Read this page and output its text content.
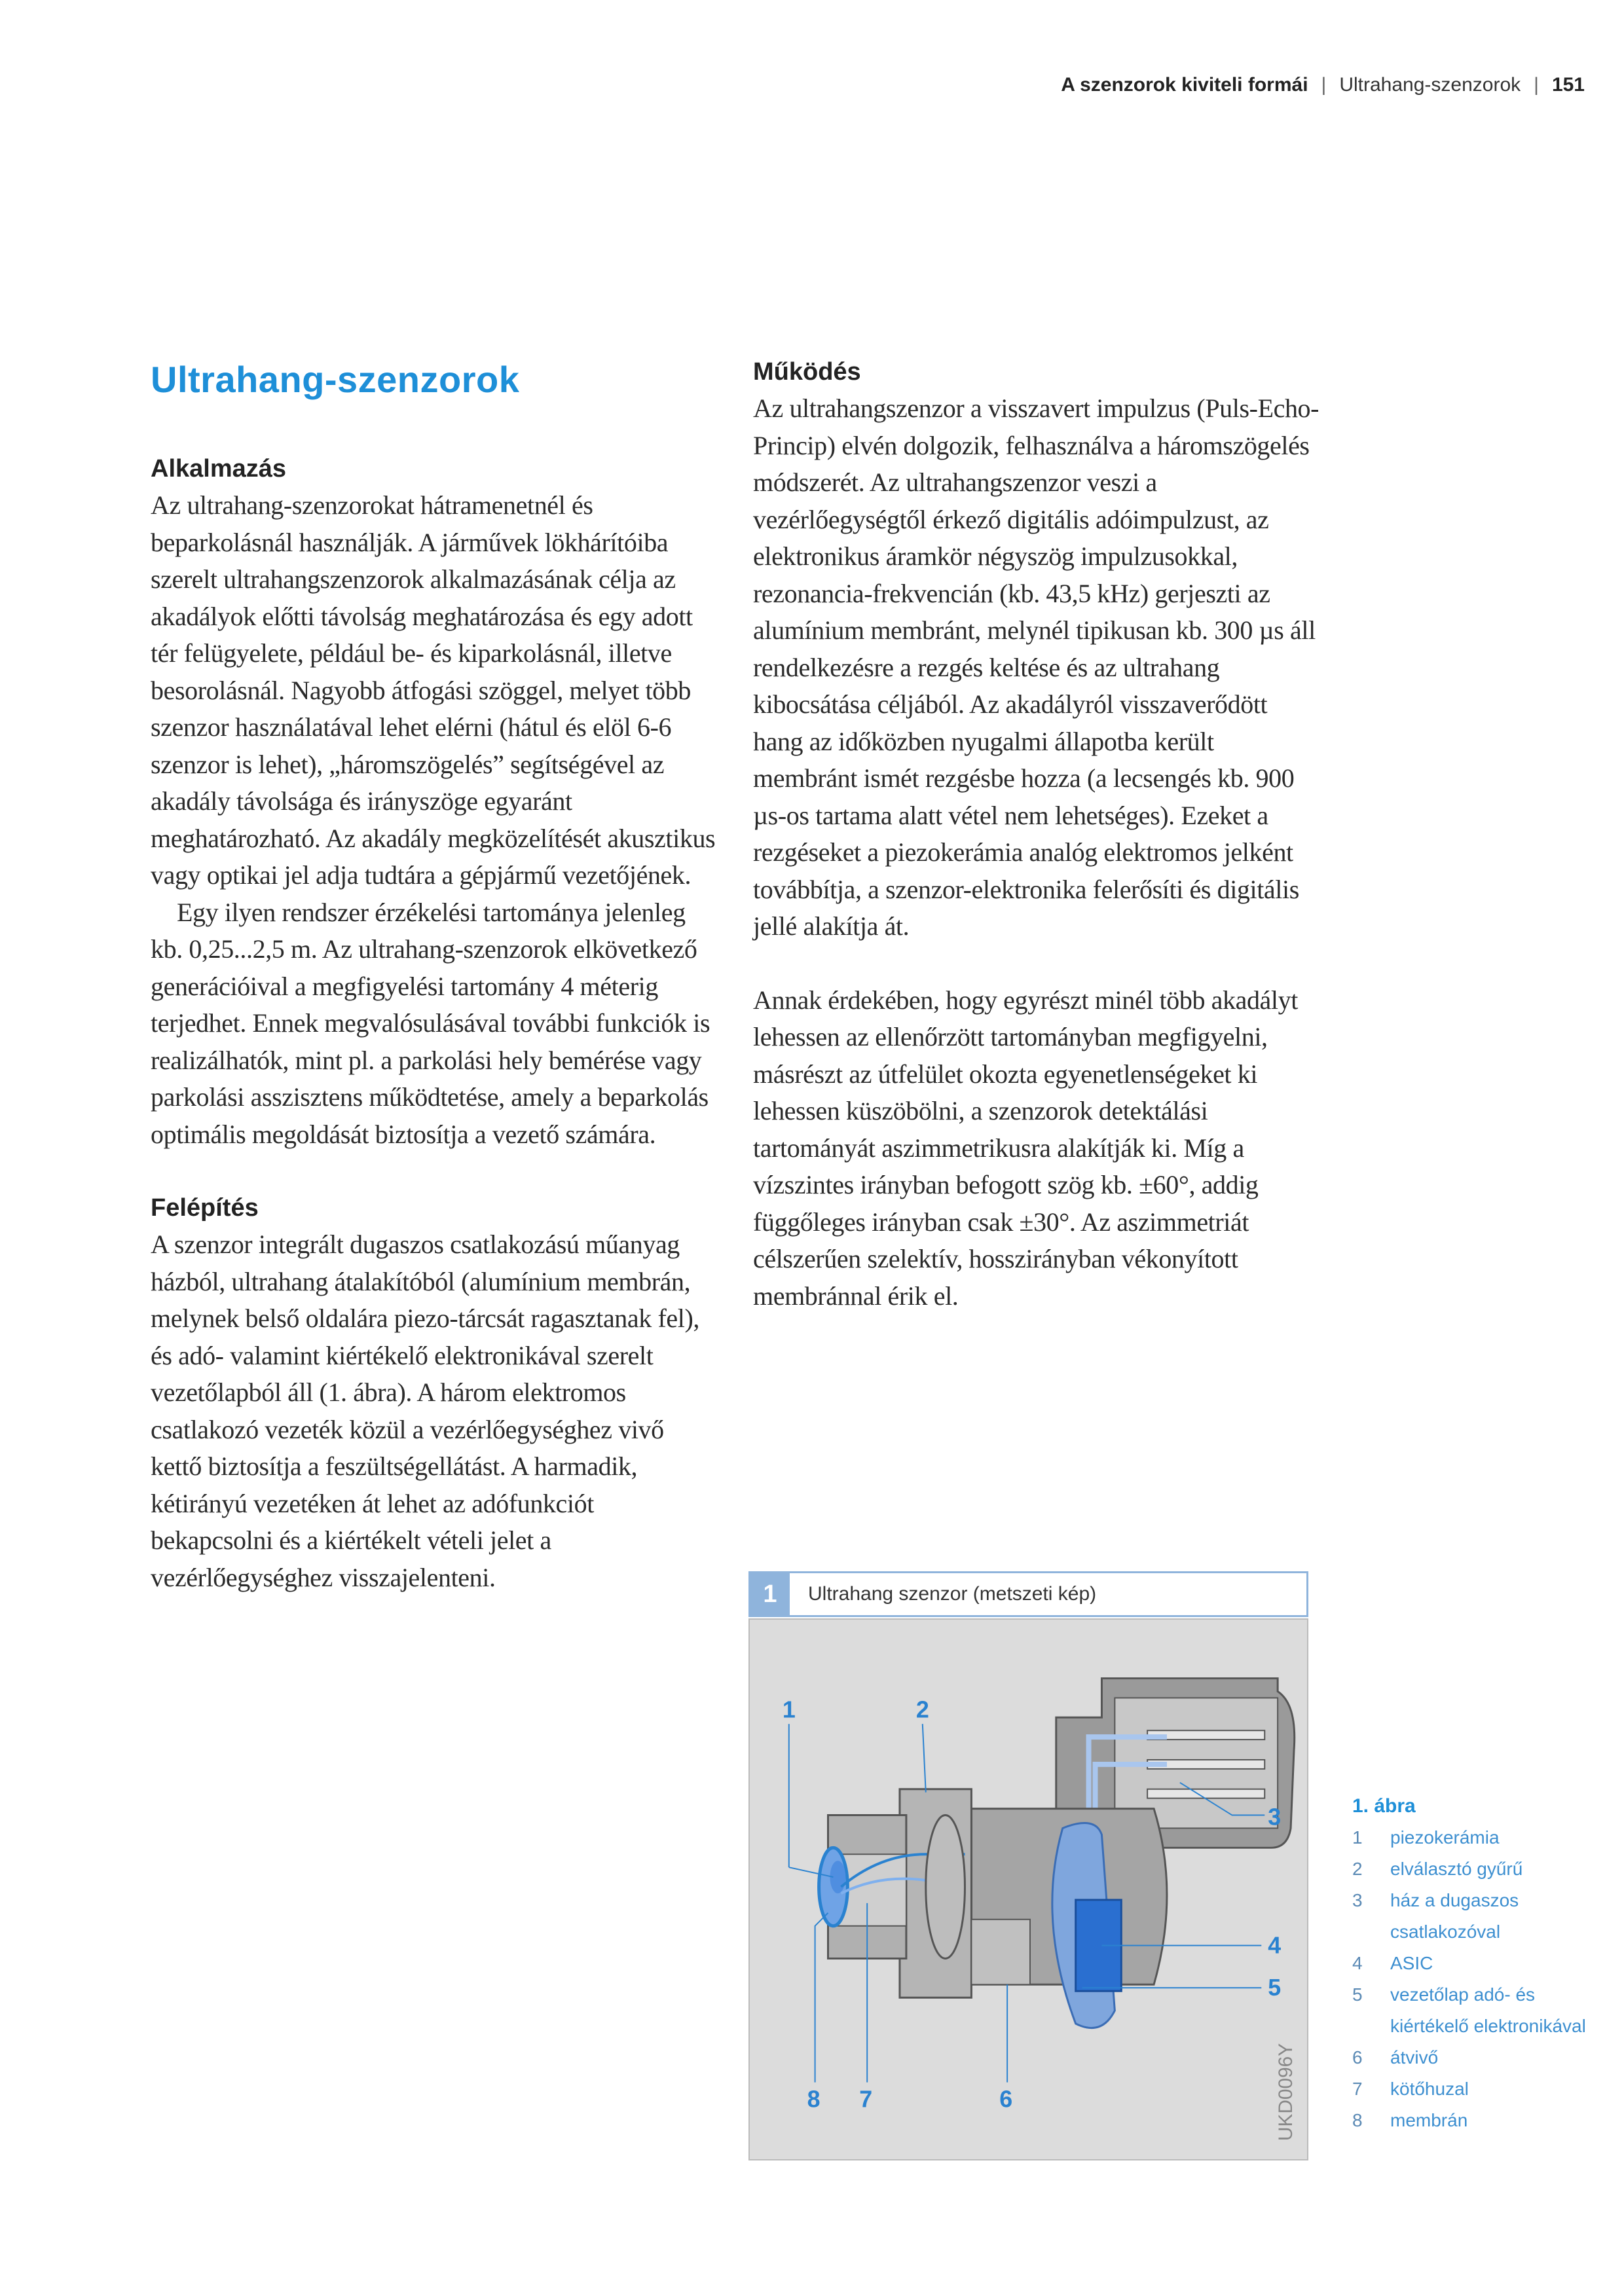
A szenzorok kiviteli formái | Ultrahang-szenzorok | 151
Ultrahang-szenzorok
Alkalmazás

Az ultrahang-szenzorokat hátramenetnél és beparkolásnál használják. A járművek lökhárítóiba szerelt ultrahangszenzorok alkalmazásának célja az akadályok előtti távolság meghatározása és egy adott tér felügyelete, például be- és kiparkolásnál, illetve besorolásnál. Nagyobb átfogási szöggel, melyet több szenzor használatával lehet elérni (hátul és elöl 6-6 szenzor is lehet), „háromszögelés” segítségével az akadály távolsága és irányszöge egyaránt meghatározható. Az akadály megközelítését akusztikus vagy optikai jel adja tudtára a gépjármű vezetőjének.

Egy ilyen rendszer érzékelési tartománya jelenleg kb. 0,25...2,5 m. Az ultrahang-szenzorok elkövetkező generációival a megfigyelési tartomány 4 méterig terjedhet. Ennek megvalósulásával további funkciók is realizálhatók, mint pl. a parkolási hely bemérése vagy parkolási asszisztens működtetése, amely a beparkolás optimális megoldását biztosítja a vezető számára.

Felépítés

A szenzor integrált dugaszos csatlakozású műanyag házból, ultrahang átalakítóból (alumínium membrán, melynek belső oldalára piezo-tárcsát ragasztanak fel), és adó- valamint kiértékelő elektronikával szerelt vezetőlapból áll (1. ábra). A három elektromos csatlakozó vezeték közül a vezérlőegységhez vivő kettő biztosítja a feszültségellátást. A harmadik, kétirányú vezetéken át lehet az adófunkciót bekapcsolni és a kiértékelt vételi jelet a vezérlőegységhez visszajelenteni.

Működés

Az ultrahangszenzor a visszavert impulzus (Puls-Echo-Princip) elvén dolgozik, felhasználva a háromszögelés módszerét. Az ultrahangszenzor veszi a vezérlőegységtől érkező digitális adóimpulzust, az elektronikus áramkör négyszög impulzusokkal, rezonancia-frekvencián (kb. 43,5 kHz) gerjeszti az alumínium membránt, melynél tipikusan kb. 300 µs áll rendelkezésre a rezgés keltése és az ultrahang kibocsátása céljából. Az akadályról visszaverődött hang az időközben nyugalmi állapotba került membránt ismét rezgésbe hozza (a lecsengés kb. 900 µs-os tartama alatt vétel nem lehetséges). Ezeket a rezgéseket a piezokerámia analóg elektromos jelként továbbítja, a szenzor-elektronika felerősíti és digitális jellé alakítja át.

Annak érdekében, hogy egyrészt minél több akadályt lehessen az ellenőrzött tartományban megfigyelni, másrészt az útfelület okozta egyenetlenségeket ki lehessen küszöbölni, a szenzorok detektálási tartományát aszimmetrikusra alakítják ki. Míg a vízszintes irányban befogott szög kb. ±60°, addig függőleges irányban csak ±30°. Az aszimmetriát célszerűen szelektív, hosszirányban vékonyított membránnal érik el.

1	Ultrahang szenzor (metszeti kép)
1	2
3
4
5
6
7
8	UKD0096Y
1. ábra
1	piezokerámia
2	elválasztó gyűrű
3	ház a dugaszos csatlakozóval
4	ASIC
5	vezetőlap adó- és kiértékelő elektronikával
6	átvivő
7	kötőhuzal
8	membrán
